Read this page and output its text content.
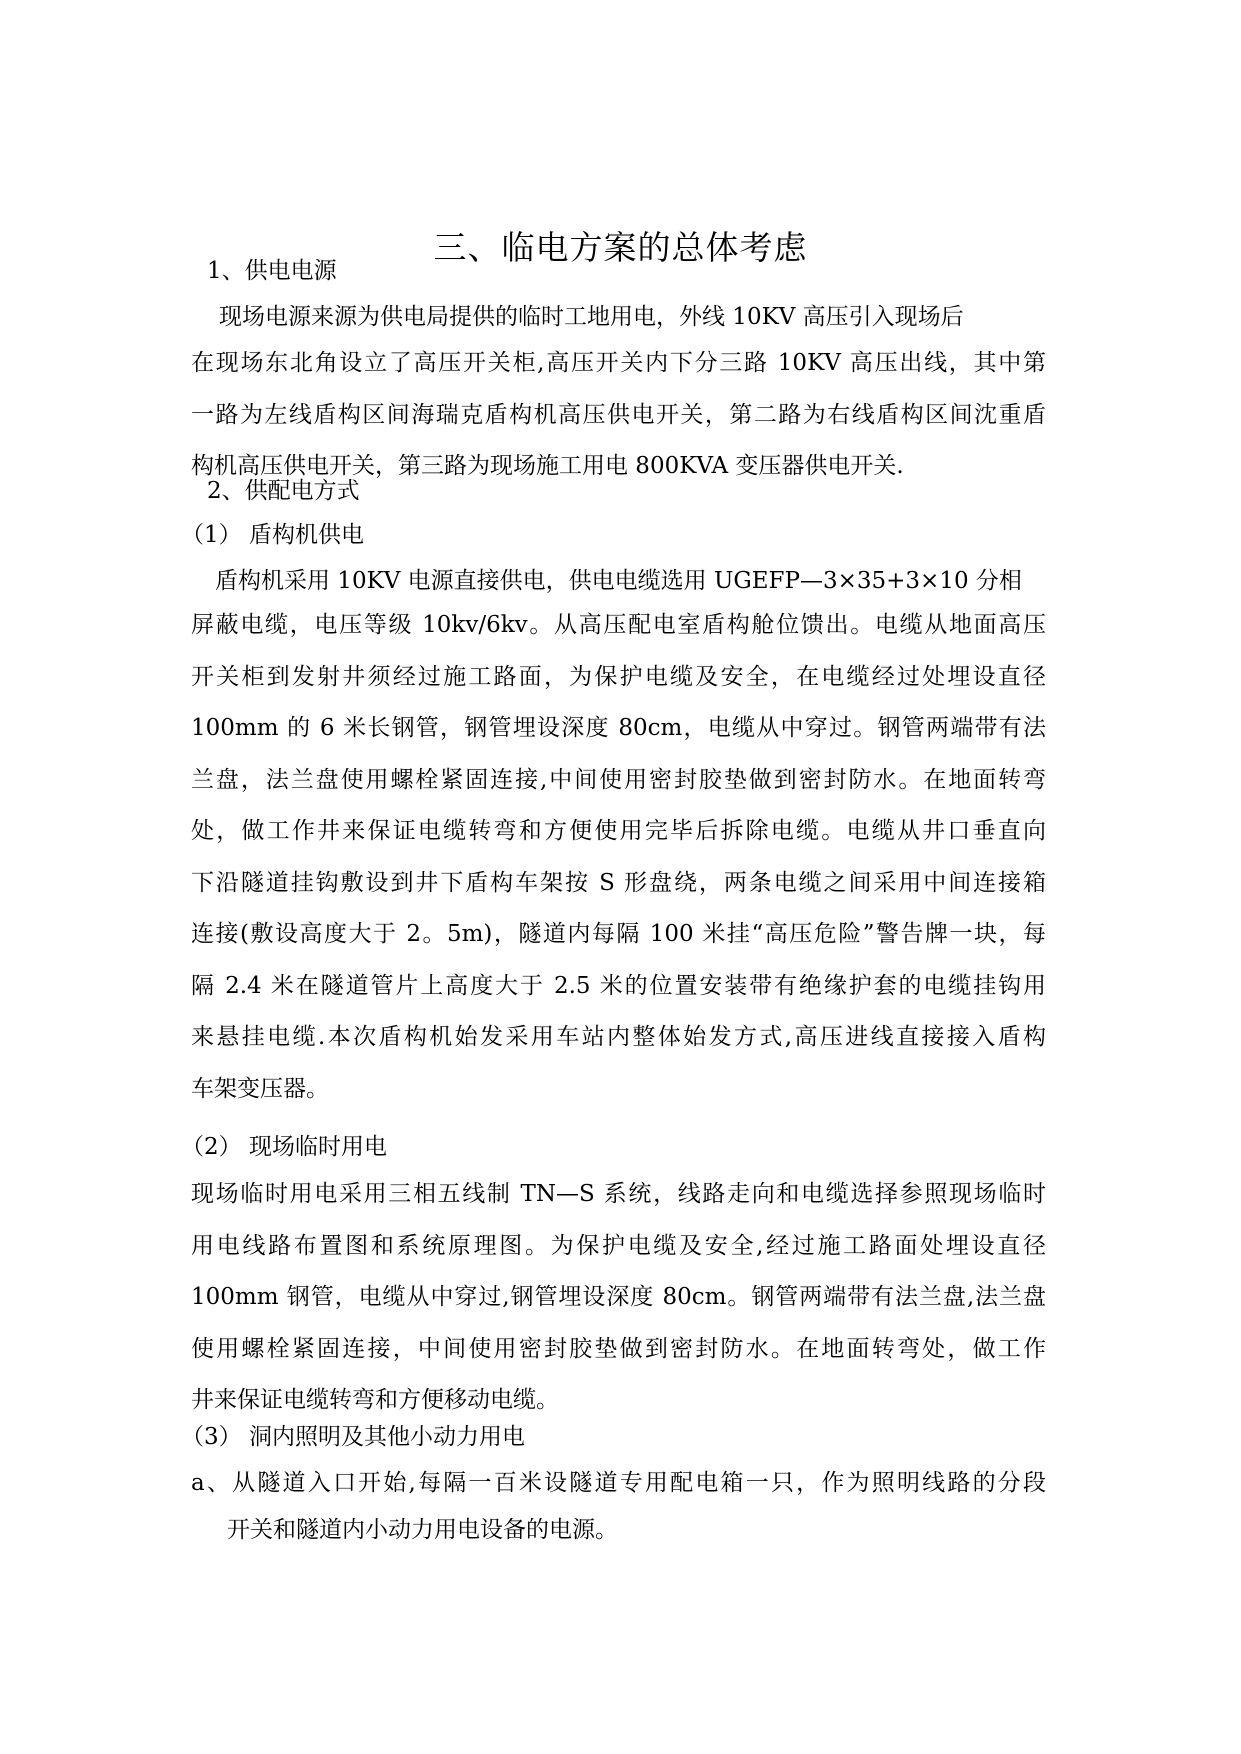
三、临电方案的总体考虑
1、供电电源
现场电源来源为供电局提供的临时工地用电，外线 10KV 高压引入现场后
在现场东北角设立了高压开关柜,高压开关内下分三路 10KV 高压出线，其中第
一路为左线盾构区间海瑞克盾构机高压供电开关，第二路为右线盾构区间沈重盾
构机高压供电开关，第三路为现场施工用电 800KVA 变压器供电开关.
2、供配电方式
（1） 盾构机供电
盾构机采用 10KV 电源直接供电，供电电缆选用 UGEFP—3×35+3×10 分相
屏蔽电缆，电压等级 10kv/6kv。从高压配电室盾构舱位馈出。电缆从地面高压
开关柜到发射井须经过施工路面，为保护电缆及安全，在电缆经过处埋设直径
100mm 的 6 米长钢管，钢管埋设深度 80cm，电缆从中穿过。钢管两端带有法
兰盘，法兰盘使用螺栓紧固连接,中间使用密封胶垫做到密封防水。在地面转弯
处，做工作井来保证电缆转弯和方便使用完毕后拆除电缆。电缆从井口垂直向
下沿隧道挂钩敷设到井下盾构车架按 S 形盘绕，两条电缆之间采用中间连接箱
连接(敷设高度大于 2。5m)，隧道内每隔 100 米挂“高压危险”警告牌一块，每
隔 2.4 米在隧道管片上高度大于 2.5 米的位置安装带有绝缘护套的电缆挂钩用
来悬挂电缆.本次盾构机始发采用车站内整体始发方式,高压进线直接接入盾构
车架变压器。
（2） 现场临时用电
现场临时用电采用三相五线制 TN—S 系统，线路走向和电缆选择参照现场临时
用电线路布置图和系统原理图。为保护电缆及安全,经过施工路面处埋设直径
100mm 钢管，电缆从中穿过,钢管埋设深度 80cm。钢管两端带有法兰盘,法兰盘
使用螺栓紧固连接，中间使用密封胶垫做到密封防水。在地面转弯处，做工作
井来保证电缆转弯和方便移动电缆。
（3） 洞内照明及其他小动力用电
a、从隧道入口开始,每隔一百米设隧道专用配电箱一只，作为照明线路的分段
开关和隧道内小动力用电设备的电源。
